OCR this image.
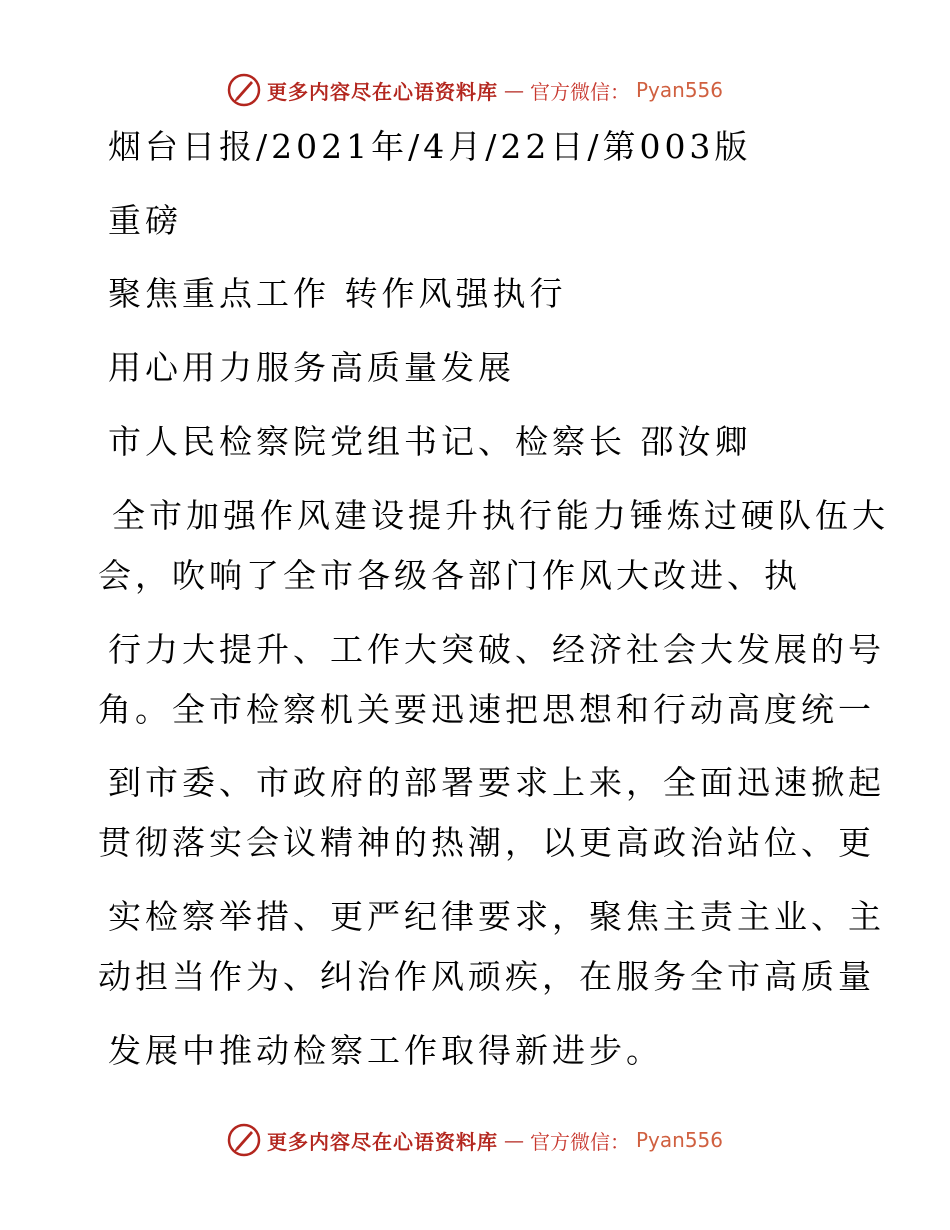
更多内容尽在心语资料库 — 官方微信： Pyan556
烟台日报/2021年/4月/22日/第003版
重磅
聚焦重点工作 转作风强执行
用心用力服务高质量发展
市人民检察院党组书记、检察长 邵汝卿
全市加强作风建设提升执行能力锤炼过硬队伍大
会，吹响了全市各级各部门作风大改进、执
行力大提升、工作大突破、经济社会大发展的号
角。全市检察机关要迅速把思想和行动高度统一
到市委、市政府的部署要求上来，全面迅速掀起
贯彻落实会议精神的热潮，以更高政治站位、更
实检察举措、更严纪律要求，聚焦主责主业、主
动担当作为、纠治作风顽疾，在服务全市高质量
发展中推动检察工作取得新进步。
更多内容尽在心语资料库 — 官方微信： Pyan556
